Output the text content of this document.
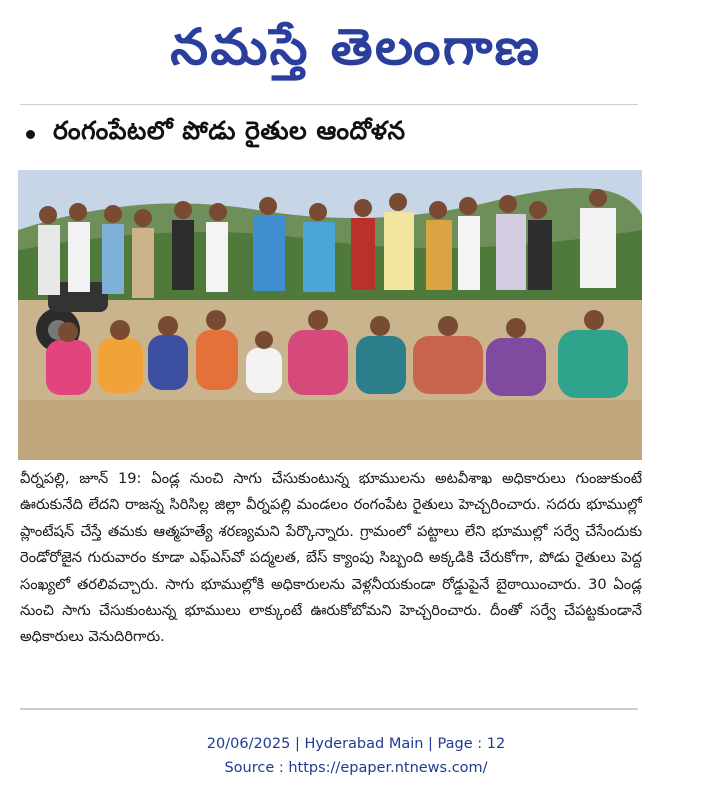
నమస్తే తెలంగాణ
రంగంపేటలో పోడు రైతుల ఆందోళన
వీర్నపల్లి, జూన్ 19: ఏండ్ల నుంచి సాగు చేసుకుంటున్న భూములను అటవీశాఖ అధికారులు గుంజుకుంటే ఊరుకునేది లేదని రాజన్న సిరిసిల్ల జిల్లా వీర్నపల్లి మండలం రంగంపేట రైతులు హెచ్చరించారు. సదరు భూముల్లో ప్లాంటేషన్ చేస్తే తమకు ఆత్మహత్యే శరణ్యమని పేర్కొన్నారు. గ్రామంలో పట్టాలు లేని భూముల్లో సర్వే చేసేందుకు రెండోరోజైన గురువారం కూడా ఎఫ్ఎస్‌వో పద్మలత, బేస్ క్యాంపు సిబ్బంది అక్కడికి చేరుకోగా, పోడు రైతులు పెద్ద సంఖ్యలో తరలివచ్చారు. సాగు భూముల్లోకి అధికారులను వెళ్లనీయకుండా రోడ్డుపైనే బైఠాయించారు. 30 ఏండ్ల నుంచి సాగు చేసుకుంటున్న భూములు లాక్కుంటే ఊరుకోబోమని హెచ్చరించారు. దీంతో సర్వే చేపట్టకుండానే అధికారులు వెనుదిరిగారు.
20/06/2025 | Hyderabad Main | Page : 12
Source : https://epaper.ntnews.com/
